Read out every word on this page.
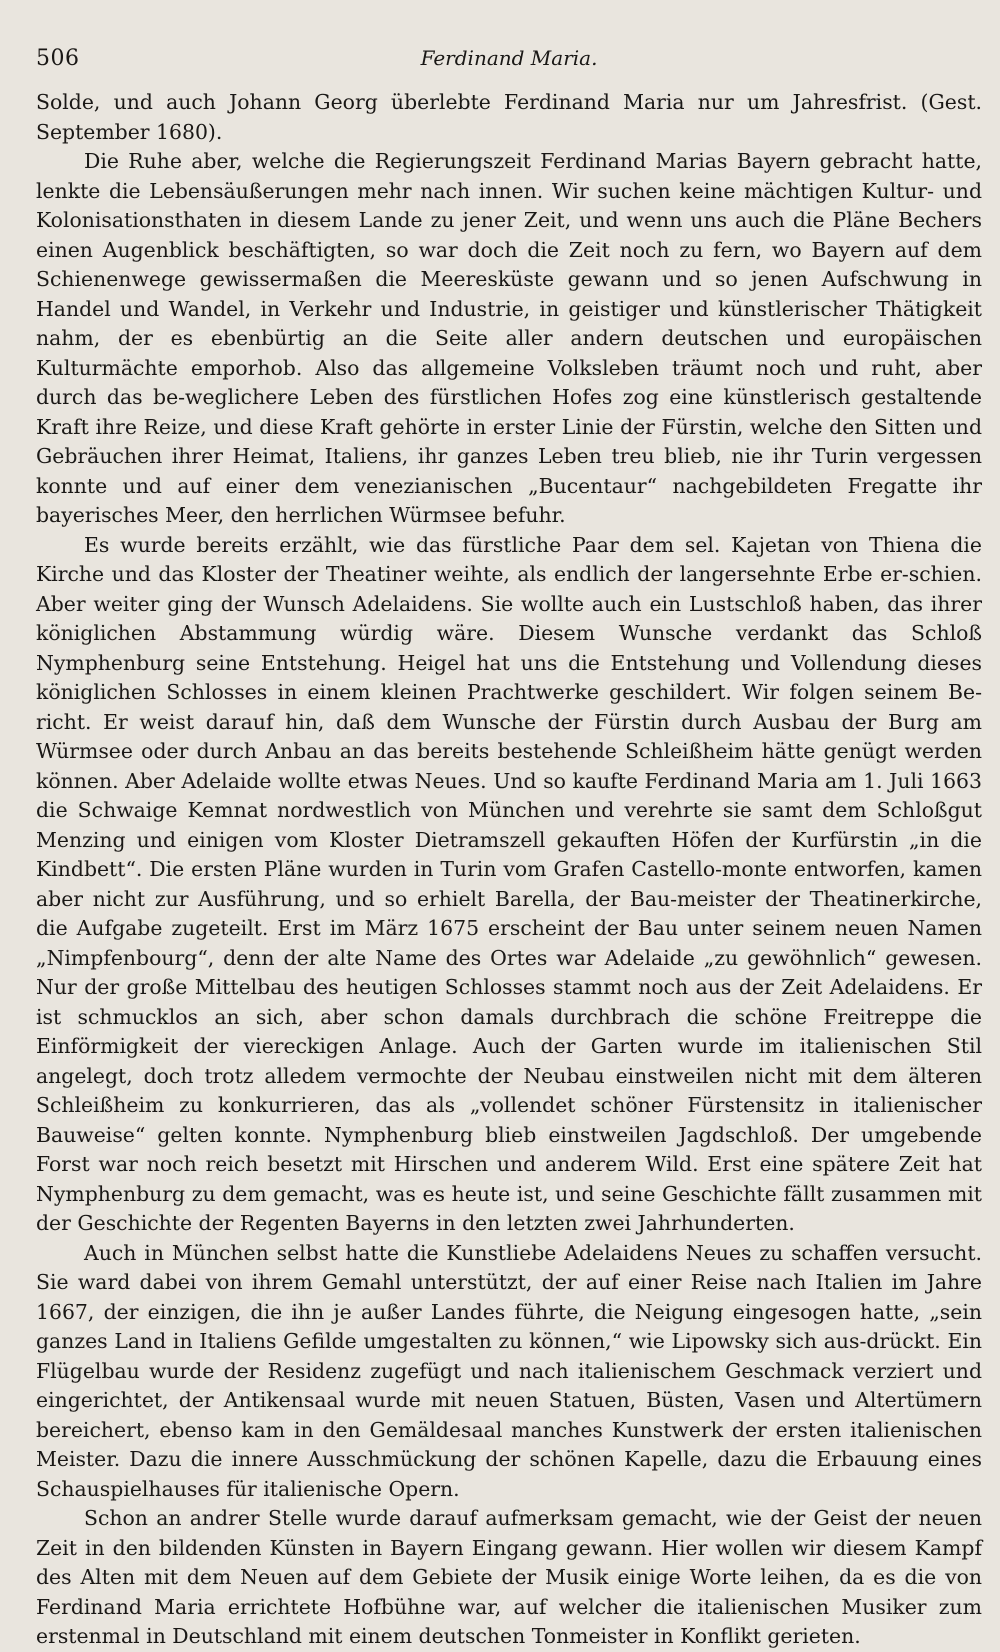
506	Ferdinand Maria.

Solde, und auch Johann Georg überlebte Ferdinand Maria nur um Jahresfrist. (Gest. September 1680).

Die Ruhe aber, welche die Regierungszeit Ferdinand Marias Bayern gebracht hatte, lenkte die Lebensäußerungen mehr nach innen. Wir suchen keine mächtigen Kultur- und Kolonisationsthaten in diesem Lande zu jener Zeit, und wenn uns auch die Pläne Bechers einen Augenblick beschäftigten, so war doch die Zeit noch zu fern, wo Bayern auf dem Schienenwege gewissermaßen die Meeresküste gewann und so jenen Aufschwung in Handel und Wandel, in Verkehr und Industrie, in geistiger und künstlerischer Thätigkeit nahm, der es ebenbürtig an die Seite aller andern deutschen und europäischen Kulturmächte emporhob. Also das allgemeine Volksleben träumt noch und ruht, aber durch das be-weglichere Leben des fürstlichen Hofes zog eine künstlerisch gestaltende Kraft ihre Reize, und diese Kraft gehörte in erster Linie der Fürstin, welche den Sitten und Gebräuchen ihrer Heimat, Italiens, ihr ganzes Leben treu blieb, nie ihr Turin vergessen konnte und auf einer dem venezianischen „Bucentaur“ nachgebildeten Fregatte ihr bayerisches Meer, den herrlichen Würmsee befuhr.

Es wurde bereits erzählt, wie das fürstliche Paar dem sel. Kajetan von Thiena die Kirche und das Kloster der Theatiner weihte, als endlich der langersehnte Erbe er-schien. Aber weiter ging der Wunsch Adelaidens. Sie wollte auch ein Lustschloß haben, das ihrer königlichen Abstammung würdig wäre. Diesem Wunsche verdankt das Schloß Nymphenburg seine Entstehung. Heigel hat uns die Entstehung und Vollendung dieses königlichen Schlosses in einem kleinen Prachtwerke geschildert. Wir folgen seinem Be-richt. Er weist darauf hin, daß dem Wunsche der Fürstin durch Ausbau der Burg am Würmsee oder durch Anbau an das bereits bestehende Schleißheim hätte genügt werden können. Aber Adelaide wollte etwas Neues. Und so kaufte Ferdinand Maria am 1. Juli 1663 die Schwaige Kemnat nordwestlich von München und verehrte sie samt dem Schloßgut Menzing und einigen vom Kloster Dietramszell gekauften Höfen der Kurfürstin „in die Kindbett“. Die ersten Pläne wurden in Turin vom Grafen Castello-monte entworfen, kamen aber nicht zur Ausführung, und so erhielt Barella, der Bau-meister der Theatinerkirche, die Aufgabe zugeteilt. Erst im März 1675 erscheint der Bau unter seinem neuen Namen „Nimpfenbourg“, denn der alte Name des Ortes war Adelaide „zu gewöhnlich“ gewesen. Nur der große Mittelbau des heutigen Schlosses stammt noch aus der Zeit Adelaidens. Er ist schmucklos an sich, aber schon damals durchbrach die schöne Freitreppe die Einförmigkeit der viereckigen Anlage. Auch der Garten wurde im italienischen Stil angelegt, doch trotz alledem vermochte der Neubau einstweilen nicht mit dem älteren Schleißheim zu konkurrieren, das als „vollendet schöner Fürstensitz in italienischer Bauweise“ gelten konnte. Nymphenburg blieb einstweilen Jagdschloß. Der umgebende Forst war noch reich besetzt mit Hirschen und anderem Wild. Erst eine spätere Zeit hat Nymphenburg zu dem gemacht, was es heute ist, und seine Geschichte fällt zusammen mit der Geschichte der Regenten Bayerns in den letzten zwei Jahrhunderten.

Auch in München selbst hatte die Kunstliebe Adelaidens Neues zu schaffen versucht. Sie ward dabei von ihrem Gemahl unterstützt, der auf einer Reise nach Italien im Jahre 1667, der einzigen, die ihn je außer Landes führte, die Neigung eingesogen hatte, „sein ganzes Land in Italiens Gefilde umgestalten zu können,“ wie Lipowsky sich aus-drückt. Ein Flügelbau wurde der Residenz zugefügt und nach italienischem Geschmack verziert und eingerichtet, der Antikensaal wurde mit neuen Statuen, Büsten, Vasen und Altertümern bereichert, ebenso kam in den Gemäldesaal manches Kunstwerk der ersten italienischen Meister. Dazu die innere Ausschmückung der schönen Kapelle, dazu die Erbauung eines Schauspielhauses für italienische Opern.

Schon an andrer Stelle wurde darauf aufmerksam gemacht, wie der Geist der neuen Zeit in den bildenden Künsten in Bayern Eingang gewann. Hier wollen wir diesem Kampf des Alten mit dem Neuen auf dem Gebiete der Musik einige Worte leihen, da es die von Ferdinand Maria errichtete Hofbühne war, auf welcher die italienischen Musiker zum erstenmal in Deutschland mit einem deutschen Tonmeister in Konflikt gerieten.
